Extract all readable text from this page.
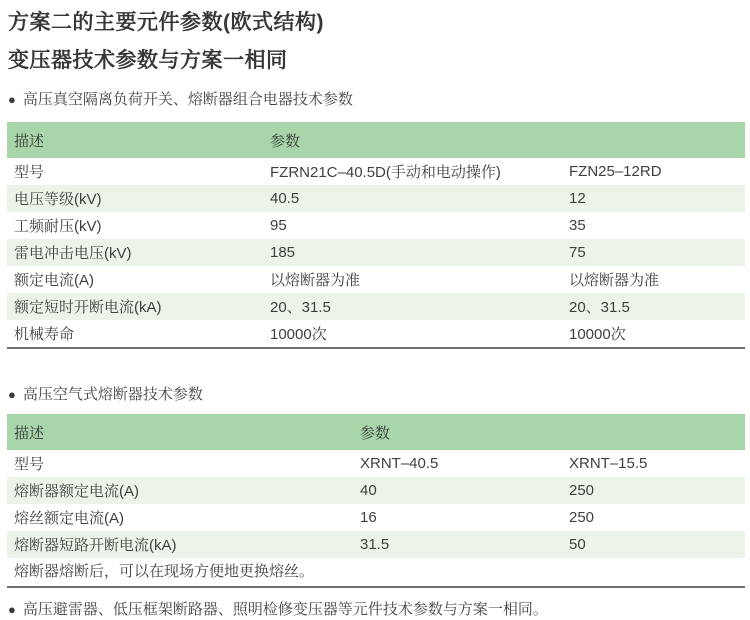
方案二的主要元件参数(欧式结构)
变压器技术参数与方案一相同
● 高压真空隔离负荷开关、熔断器组合电器技术参数
描述	参数
型号	FZRN21C–40.5D(手动和电动操作)	FZN25–12RD
电压等级(kV)	40.5	12
工频耐压(kV)	95	35
雷电冲击电压(kV)	185	75
额定电流(A)	以熔断器为准	以熔断器为准
额定短时开断电流(kA)	20、31.5	20、31.5
机械寿命	10000次	10000次
● 高压空气式熔断器技术参数
描述	参数
型号	XRNT–40.5	XRNT–15.5
熔断器额定电流(A)	40	250
熔丝额定电流(A)	16	250
熔断器短路开断电流(kA)	31.5	50
熔断器熔断后，可以在现场方便地更换熔丝。
● 高压避雷器、低压框架断路器、照明检修变压器等元件技术参数与方案一相同。
